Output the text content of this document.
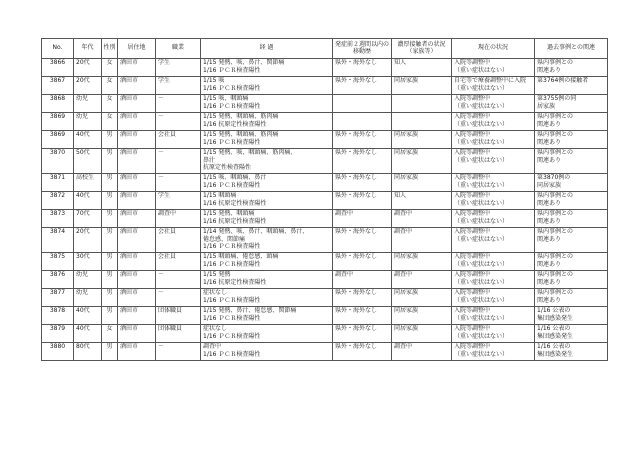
No.	年代	性別	居住地	職業	経 過	発症前２週間以内の移動歴	濃厚接触者の状況（家族等）	現在の状況	過去事例との関連
3866	20代	女	酒田市	学生	1/15 発熱、咳、鼻汁、関節痛
1/16 ＰＣＲ検査陽性	県外・海外なし	知人	入院等調整中
（重い症状はない）	県内事例との
関連あり

3867	20代	女	酒田市	学生	1/15 咳
1/16 ＰＣＲ検査陽性	県外・海外なし	同居家族	自宅等で療養調整中に入院
（重い症状はない）	第3764例の接触者

3868	幼児	女	酒田市	－	1/15 咳、咽頭痛
1/16 ＰＣＲ検査陽性			入院等調整中
（重い症状はない）	第3755例の同
居家族

3869	幼児	女	酒田市	－	1/15 発熱、咽頭痛、筋肉痛
1/16 抗原定性検査陽性			入院等調整中
（重い症状はない）	県内事例との
関連あり

3869	40代	男	酒田市	会社員	1/15 発熱、咽頭痛、筋肉痛
1/16 ＰＣＲ検査陽性	県外・海外なし	同居家族	入院等調整中
（重い症状はない）	県内事例との
関連あり

3870	50代	男	酒田市	－	1/15 発熱、咳、咽頭痛、筋肉痛、
鼻汁
抗原定性検査陽性	県外・海外なし	同居家族	入院等調整中
（重い症状はない）	県内事例との
関連あり

3871	高校生	男	酒田市	－	1/15 咳、咽頭痛、鼻汁
1/16 ＰＣＲ検査陽性	県外・海外なし	同居家族	入院等調整中
（重い症状はない）	第3870例の
同居家族

3872	40代	男	酒田市	学生	1/15 咽頭痛
1/16 抗原定性検査陽性	県外・海外なし	知人	入院等調整中
（重い症状はない）	県内事例との
関連あり

3873	70代	男	酒田市	調査中	1/15 発熱、咽頭痛
1/16 抗原定性検査陽性	調査中	調査中	入院等調整中
（重い症状はない）	県内事例との
関連あり

3874	20代	男	酒田市	会社員	1/14 発熱、咳、鼻汁、咽頭痛、鼻汁、
倦怠感、関節痛
1/16 ＰＣＲ検査陽性	県外・海外なし	調査中	入院等調整中
（重い症状はない）	県内事例との
関連あり

3875	30代	男	酒田市	会社員	1/15 咽頭痛、倦怠感、頭痛
1/16 ＰＣＲ検査陽性	県外・海外なし	同居家族	入院等調整中
（重い症状はない）	県内事例との
関連あり

3876	幼児	男	酒田市	－	1/15 発熱
1/16 抗原定性検査陽性	調査中	調査中	入院等調整中
（重い症状はない）	県内事例との
関連あり

3877	幼児	男	酒田市	－	症状なし
1/16 ＰＣＲ検査陽性	県外・海外なし	同居家族	入院等調整中
（重い症状はない）	県内事例との
関連あり

3878	40代	男	酒田市	団体職員	1/15 発熱、鼻汁、倦怠感、関節痛
1/16 ＰＣＲ検査陽性	県外・海外なし	同居家族	入院等調整中
（重い症状はない）	1/16 公表の
集団感染発生

3879	40代	女	酒田市	団体職員	症状なし
1/16 ＰＣＲ検査陽性	県外・海外なし	同居家族	入院等調整中
（重い症状はない）	1/16 公表の
集団感染発生

3880	80代	男	酒田市	－	調査中
1/16 ＰＣＲ検査陽性	県外・海外なし	調査中	入院等調整中
（重い症状はない）	1/16 公表の
集団感染発生
